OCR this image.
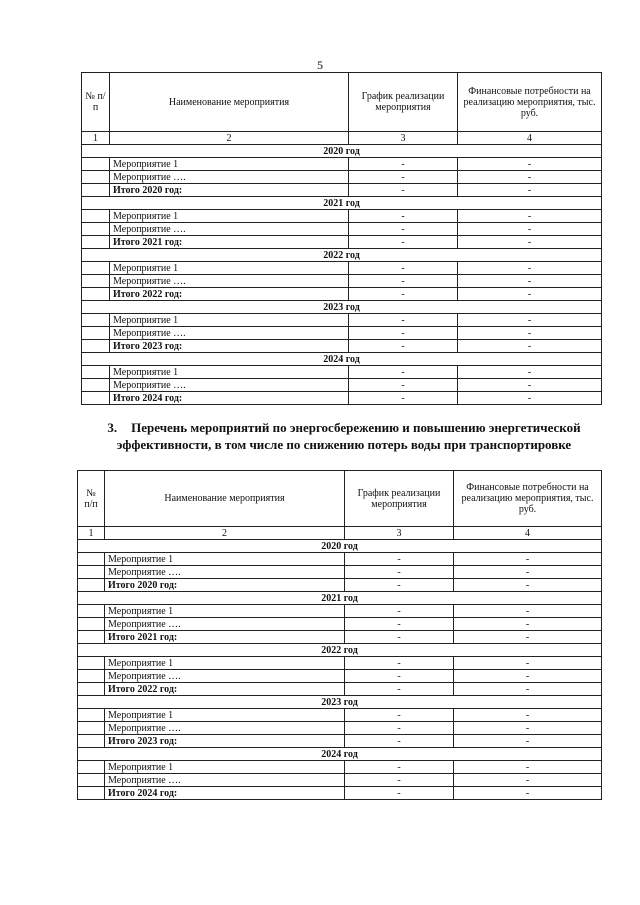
5
№ п/п	Наименование мероприятия	График реализации мероприятия	Финансовые потребности на реализацию мероприятия, тыс. руб.
1	2	3	4
2020 год			
	Мероприятие 1	-	-
	Мероприятие ….	-	-
	Итого 2020 год:	-	-
2021 год			
	Мероприятие 1	-	-
	Мероприятие ….	-	-
	Итого 2021 год:	-	-
2022 год			
	Мероприятие 1	-	-
	Мероприятие ….	-	-
	Итого 2022 год:	-	-
2023 год			
	Мероприятие 1	-	-
	Мероприятие ….	-	-
	Итого 2023 год:	-	-
2024 год			
	Мероприятие 1	-	-
	Мероприятие ….	-	-
	Итого 2024 год:	-	-
3. Перечень мероприятий по энергосбережению и повышению энергетической эффективности, в том числе по снижению потерь воды при транспортировке
№ п/п	Наименование мероприятия	График реализации мероприятия	Финансовые потребности на реализацию мероприятия, тыс. руб.
1	2	3	4
2020 год			
	Мероприятие 1	-	-
	Мероприятие ….	-	-
	Итого 2020 год:	-	-
2021 год			
	Мероприятие 1	-	-
	Мероприятие ….	-	-
	Итого 2021 год:	-	-
2022 год			
	Мероприятие 1	-	-
	Мероприятие ….	-	-
	Итого 2022 год:	-	-
2023 год			
	Мероприятие 1	-	-
	Мероприятие ….	-	-
	Итого 2023 год:	-	-
2024 год			
	Мероприятие 1	-	-
	Мероприятие ….	-	-
	Итого 2024 год:	-	-
